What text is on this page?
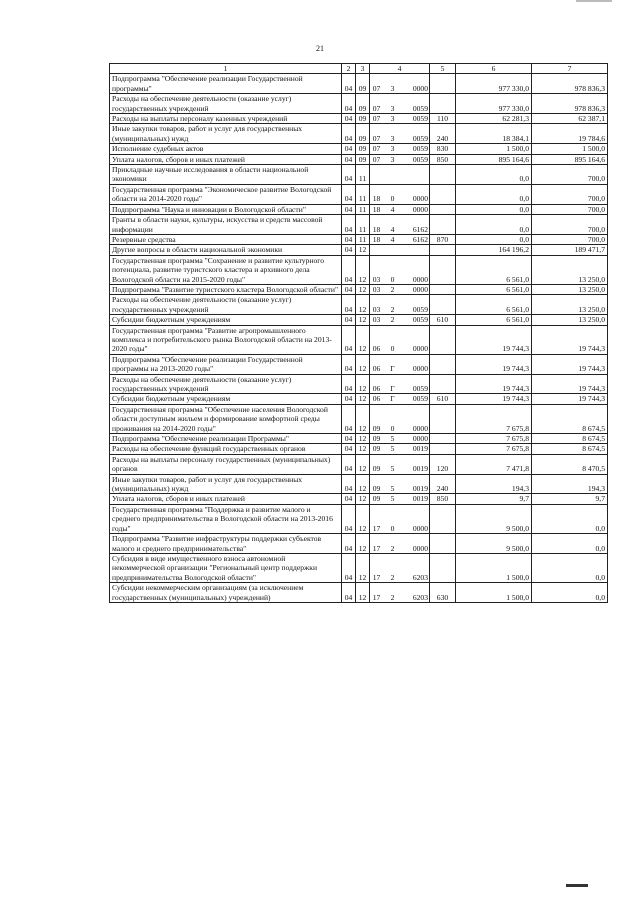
21
1	2	3	4	5	6	7
Подпрограмма "Обеспечение реализации Государственной программы"	04	09	07 3 0000		977 330,0	978 836,3
Расходы на обеспечение деятельности (оказание услуг) государственных учреждений	04	09	07 3 0059		977 330,0	978 836,3
Расходы на выплаты персоналу казенных учреждений	04	09	07 3 0059	110	62 281,3	62 387,1
Иные закупки товаров, работ и услуг для государственных (муниципальных) нужд	04	09	07 3 0059	240	18 384,1	19 784,6
Исполнение судебных актов	04	09	07 3 0059	830	1 500,0	1 500,0
Уплата налогов, сборов и иных платежей	04	09	07 3 0059	850	895 164,6	895 164,6
Прикладные научные исследования в области национальной экономики	04	11			0,0	700,0
Государственная программа "Экономическое развитие Вологодской области на 2014-2020 годы"	04	11	18 0 0000		0,0	700,0
Подпрограмма "Наука и инновации в Вологодской области"	04	11	18 4 0000		0,0	700,0
Гранты в области науки, культуры, искусства и средств массовой информации	04	11	18 4 6162		0,0	700,0
Резервные средства	04	11	18 4 6162	870	0,0	700,0
Другие вопросы в области национальной экономики	04	12			164 196,2	189 471,7
Государственная программа "Сохранение и развитие культурного потенциала, развитие туристского кластера и архивного дела Вологодской области на 2015-2020 годы"	04	12	03 0 0000		6 561,0	13 250,0
Подпрограмма "Развитие туристского кластера Вологодской области"	04	12	03 2 0000		6 561,0	13 250,0
Расходы на обеспечение деятельности (оказание услуг) государственных учреждений	04	12	03 2 0059		6 561,0	13 250,0
Субсидии бюджетным учреждениям	04	12	03 2 0059	610	6 561,0	13 250,0
Государственная программа "Развитие агропромышленного комплекса и потребительского рынка Вологодской области на 2013-2020 годы"	04	12	06 0 0000		19 744,3	19 744,3
Подпрограмма "Обеспечение реализации Государственной программы на 2013-2020 годы"	04	12	06 Г 0000		19 744,3	19 744,3
Расходы на обеспечение деятельности (оказание услуг) государственных учреждений	04	12	06 Г 0059		19 744,3	19 744,3
Субсидии бюджетным учреждениям	04	12	06 Г 0059	610	19 744,3	19 744,3
Государственная программа "Обеспечение населения Вологодской области доступным жильем и формирование комфортной среды проживания на 2014-2020 годы"	04	12	09 0 0000		7 675,8	8 674,5
Подпрограмма "Обеспечение реализации Программы"	04	12	09 5 0000		7 675,8	8 674,5
Расходы на обеспечение функций государственных органов	04	12	09 5 0019		7 675,8	8 674,5
Расходы на выплаты персоналу государственных (муниципальных) органов	04	12	09 5 0019	120	7 471,8	8 470,5
Иные закупки товаров, работ и услуг для государственных (муниципальных) нужд	04	12	09 5 0019	240	194,3	194,3
Уплата налогов, сборов и иных платежей	04	12	09 5 0019	850	9,7	9,7
Государственная программа "Поддержка и развитие малого и среднего предпринимательства в Вологодской области на 2013-2016 годы"	04	12	17 0 0000		9 500,0	0,0
Подпрограмма "Развитие инфраструктуры поддержки субъектов малого и среднего предпринимательства"	04	12	17 2 0000		9 500,0	0,0
Субсидия в виде имущественного взноса автономной некоммерческой организации "Региональный центр поддержки предпринимательства Вологодской области"	04	12	17 2 6203		1 500,0	0,0
Субсидии некоммерческим организациям (за исключением государственных (муниципальных) учреждений)	04	12	17 2 6203	630	1 500,0	0,0
